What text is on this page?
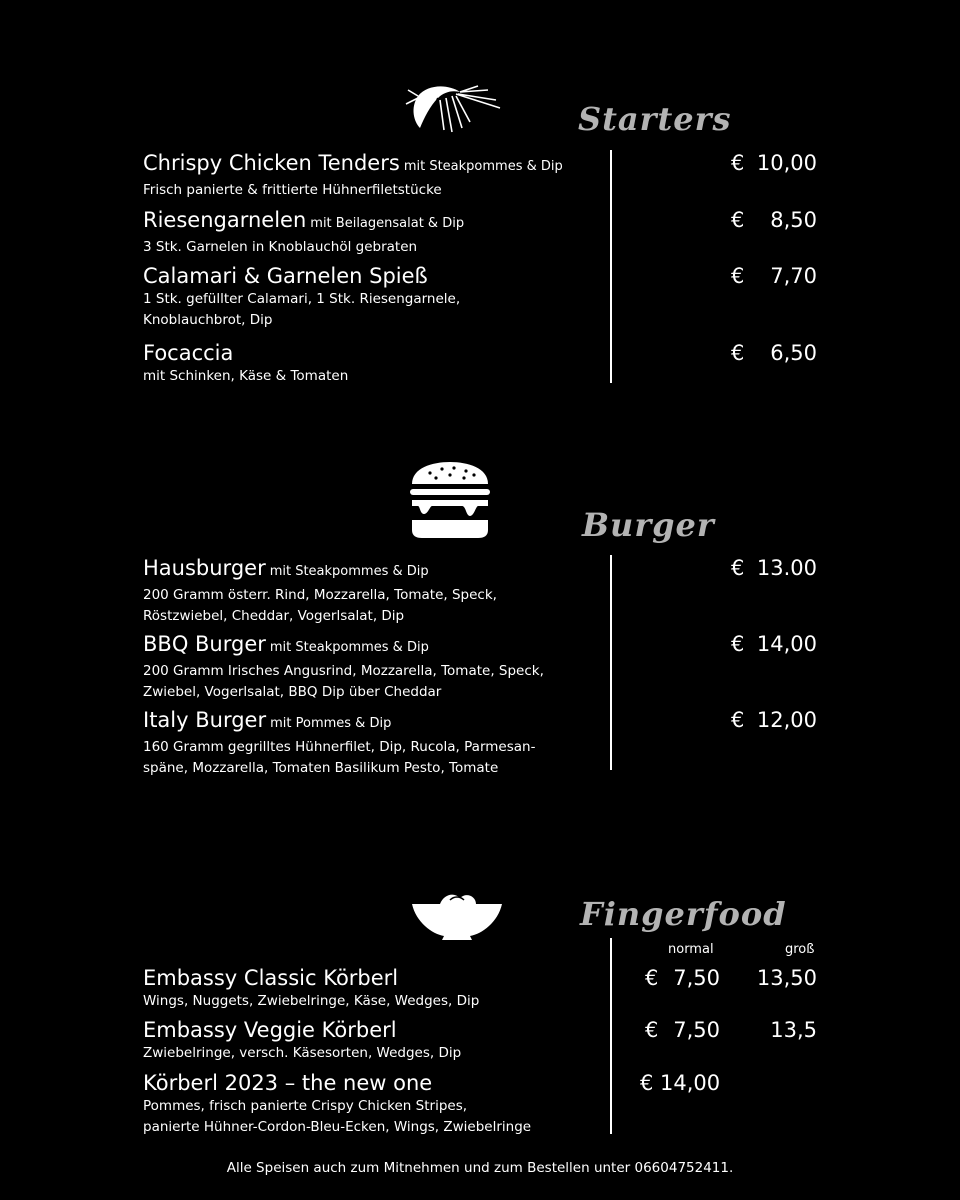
Starters
Chrispy Chicken Tenders mit Steakpommes & Dip
Frisch panierte & frittierte Hühnerfiletstücke
€ 10,00
Riesengarnelen mit Beilagensalat & Dip
3 Stk. Garnelen in Knoblauchöl gebraten
€ 8,50
Calamari & Garnelen Spieß
1 Stk. gefüllter Calamari, 1 Stk. Riesengarnele,
Knoblauchbrot, Dip
€ 7,70
Focaccia
mit Schinken, Käse & Tomaten
€ 6,50
Burger
Hausburger mit Steakpommes & Dip
200 Gramm österr. Rind, Mozzarella, Tomate, Speck,
Röstzwiebel, Cheddar, Vogerlsalat, Dip
€ 13.00
BBQ Burger mit Steakpommes & Dip
200 Gramm Irisches Angusrind, Mozzarella, Tomate, Speck,
Zwiebel, Vogerlsalat, BBQ Dip über Cheddar
€ 14,00
Italy Burger mit Pommes & Dip
160 Gramm gegrilltes Hühnerfilet, Dip, Rucola, Parmesan-
späne, Mozzarella, Tomaten Basilikum Pesto, Tomate
€ 12,00
Fingerfood
normal	groß
Embassy Classic Körberl
Wings, Nuggets, Zwiebelringe, Käse, Wedges, Dip
€ 7,50 13,50
Embassy Veggie Körberl
Zwiebelringe, versch. Käsesorten, Wedges, Dip
€ 7,50 13,5
Körberl 2023 – the new one
Pommes, frisch panierte Crispy Chicken Stripes,
panierte Hühner-Cordon-Bleu-Ecken, Wings, Zwiebelringe
€ 14,00
Alle Speisen auch zum Mitnehmen und zum Bestellen unter 06604752411.
